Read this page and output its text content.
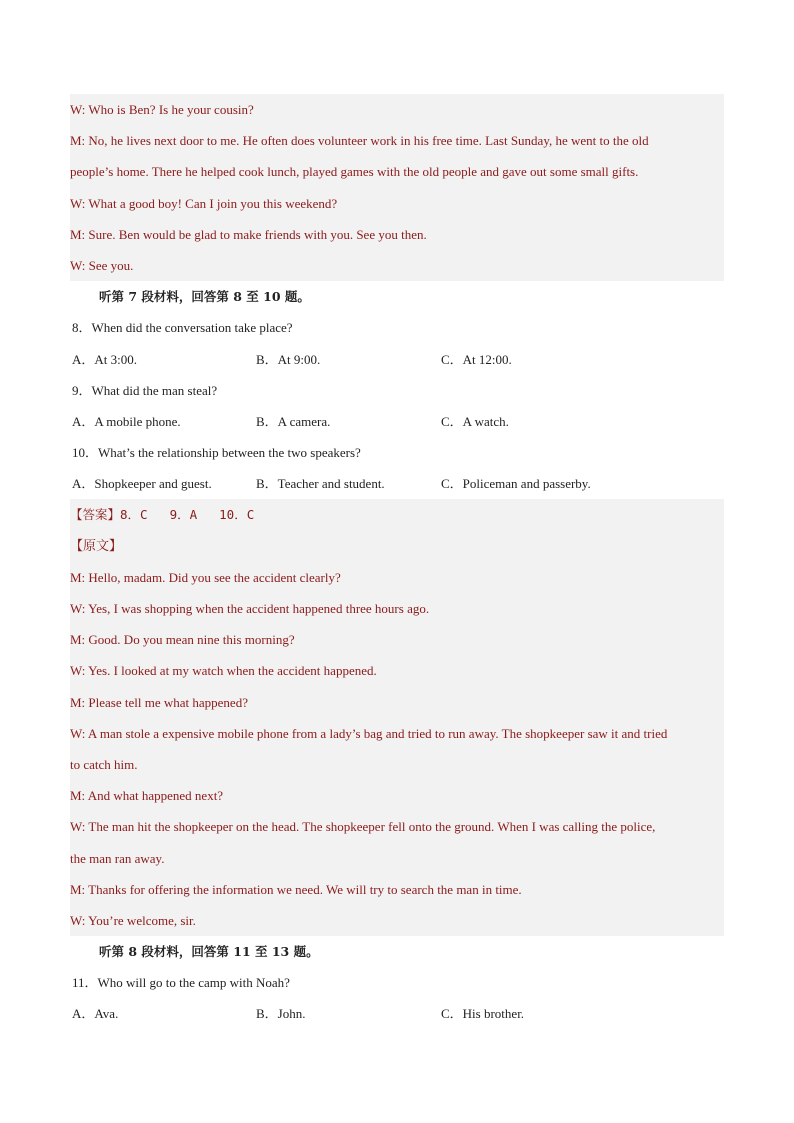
W: Who is Ben? Is he your cousin?
M: No, he lives next door to me. He often does volunteer work in his free time. Last Sunday, he went to the old
people’s home. There he helped cook lunch, played games with the old people and gave out some small gifts.
W: What a good boy! Can I join you this weekend?
M: Sure. Ben would be glad to make friends with you. See you then.
W: See you.
听第 7 段材料，回答第 8 至 10 题。
8．When did the conversation take place?
A．At 3:00.	B．At 9:00.	C．At 12:00.
9．What did the man steal?
A．A mobile phone.	B．A camera.	C．A watch.
10．What’s the relationship between the two speakers?
A．Shopkeeper and guest.	B．Teacher and student.	C．Policeman and passerby.
【答案】8．C 9．A 10．C
【原文】
M: Hello, madam. Did you see the accident clearly?
W: Yes, I was shopping when the accident happened three hours ago.
M: Good. Do you mean nine this morning?
W: Yes. I looked at my watch when the accident happened.
M: Please tell me what happened?
W: A man stole a expensive mobile phone from a lady’s bag and tried to run away. The shopkeeper saw it and tried
to catch him.
M: And what happened next?
W: The man hit the shopkeeper on the head. The shopkeeper fell onto the ground. When I was calling the police,
the man ran away.
M: Thanks for offering the information we need. We will try to search the man in time.
W: You’re welcome, sir.
听第 8 段材料，回答第 11 至 13 题。
11．Who will go to the camp with Noah?
A．Ava.	B．John.	C．His brother.
